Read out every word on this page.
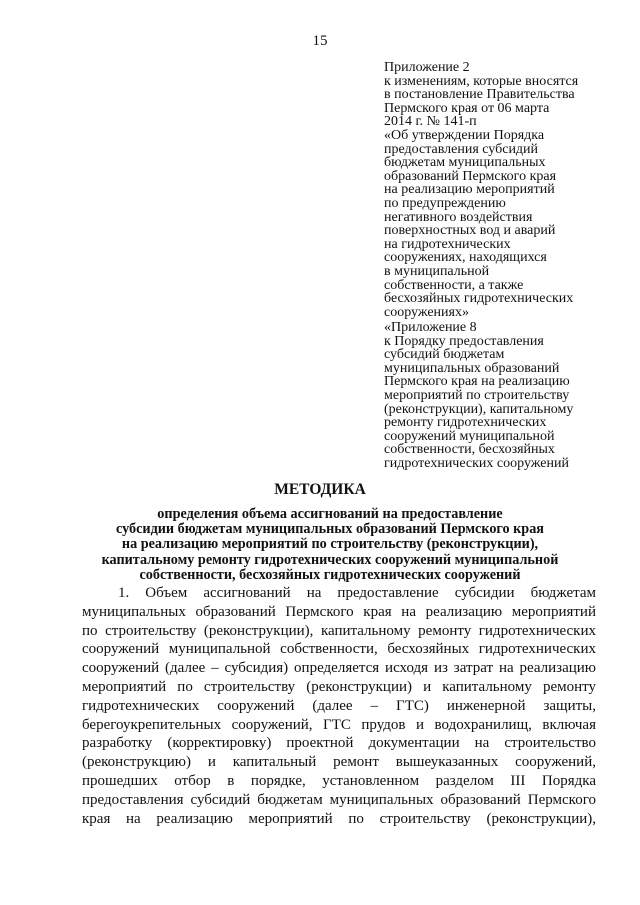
15
Приложение 2
к изменениям, которые вносятся
в постановление Правительства
Пермского края от 06 марта
2014 г. № 141-п
«Об утверждении Порядка
предоставления субсидий
бюджетам муниципальных
образований Пермского края
на реализацию мероприятий
по предупреждению
негативного воздействия
поверхностных вод и аварий
на гидротехнических
сооружениях, находящихся
в муниципальной
собственности, а также
бесхозяйных гидротехнических
сооружениях»
«Приложение 8
к Порядку предоставления
субсидий бюджетам
муниципальных образований
Пермского края на реализацию
мероприятий по строительству
(реконструкции), капитальному
ремонту гидротехнических
сооружений муниципальной
собственности, бесхозяйных
гидротехнических сооружений
МЕТОДИКА
определения объема ассигнований на предоставление
субсидии бюджетам муниципальных образований Пермского края
на реализацию мероприятий по строительству (реконструкции),
капитальному ремонту гидротехнических сооружений муниципальной
собственности, бесхозяйных гидротехнических сооружений
1. Объем ассигнований на предоставление субсидии бюджетам
муниципальных образований Пермского края на реализацию мероприятий
по строительству (реконструкции), капитальному ремонту гидротехнических
сооружений муниципальной собственности, бесхозяйных гидротехнических
сооружений (далее – субсидия) определяется исходя из затрат на реализацию
мероприятий по строительству (реконструкции) и капитальному ремонту
гидротехнических сооружений (далее – ГТС) инженерной защиты,
берегоукрепительных сооружений, ГТС прудов и водохранилищ, включая
разработку (корректировку) проектной документации на строительство
(реконструкцию) и капитальный ремонт вышеуказанных сооружений,
прошедших отбор в порядке, установленном разделом III Порядка
предоставления субсидий бюджетам муниципальных образований Пермского
края на реализацию мероприятий по строительству (реконструкции),
